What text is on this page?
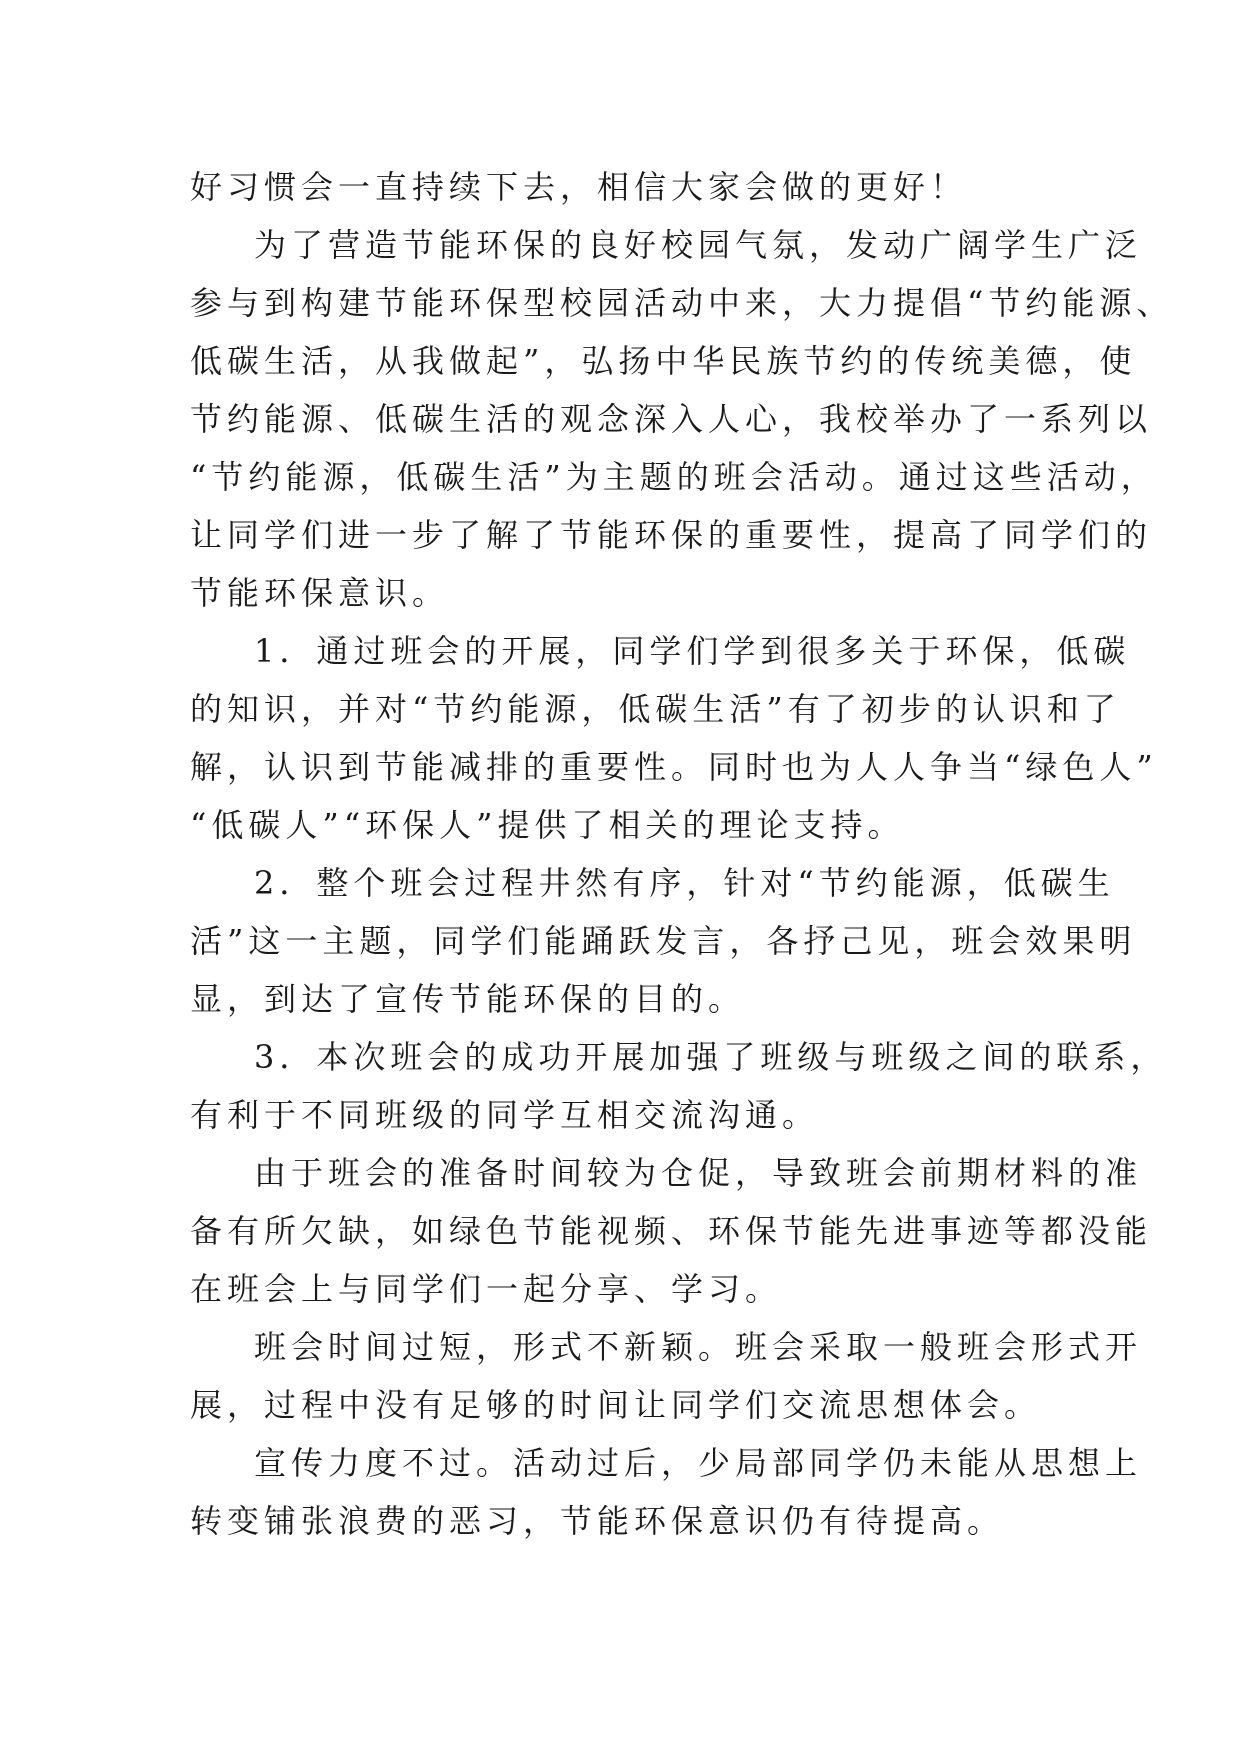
好习惯会一直持续下去，相信大家会做的更好！
为了营造节能环保的良好校园气氛，发动广阔学生广泛
参与到构建节能环保型校园活动中来，大力提倡“节约能源、
低碳生活，从我做起”，弘扬中华民族节约的传统美德，使
节约能源、低碳生活的观念深入人心，我校举办了一系列以
“节约能源，低碳生活”为主题的班会活动。通过这些活动，
让同学们进一步了解了节能环保的重要性，提高了同学们的
节能环保意识。
1．通过班会的开展，同学们学到很多关于环保，低碳
的知识，并对“节约能源，低碳生活”有了初步的认识和了
解，认识到节能减排的重要性。同时也为人人争当“绿色人”
“低碳人”“环保人”提供了相关的理论支持。
2．整个班会过程井然有序，针对“节约能源，低碳生
活”这一主题，同学们能踊跃发言，各抒己见，班会效果明
显，到达了宣传节能环保的目的。
3．本次班会的成功开展加强了班级与班级之间的联系，
有利于不同班级的同学互相交流沟通。
由于班会的准备时间较为仓促，导致班会前期材料的准
备有所欠缺，如绿色节能视频、环保节能先进事迹等都没能
在班会上与同学们一起分享、学习。
班会时间过短，形式不新颖。班会采取一般班会形式开
展，过程中没有足够的时间让同学们交流思想体会。
宣传力度不过。活动过后，少局部同学仍未能从思想上
转变铺张浪费的恶习，节能环保意识仍有待提高。
